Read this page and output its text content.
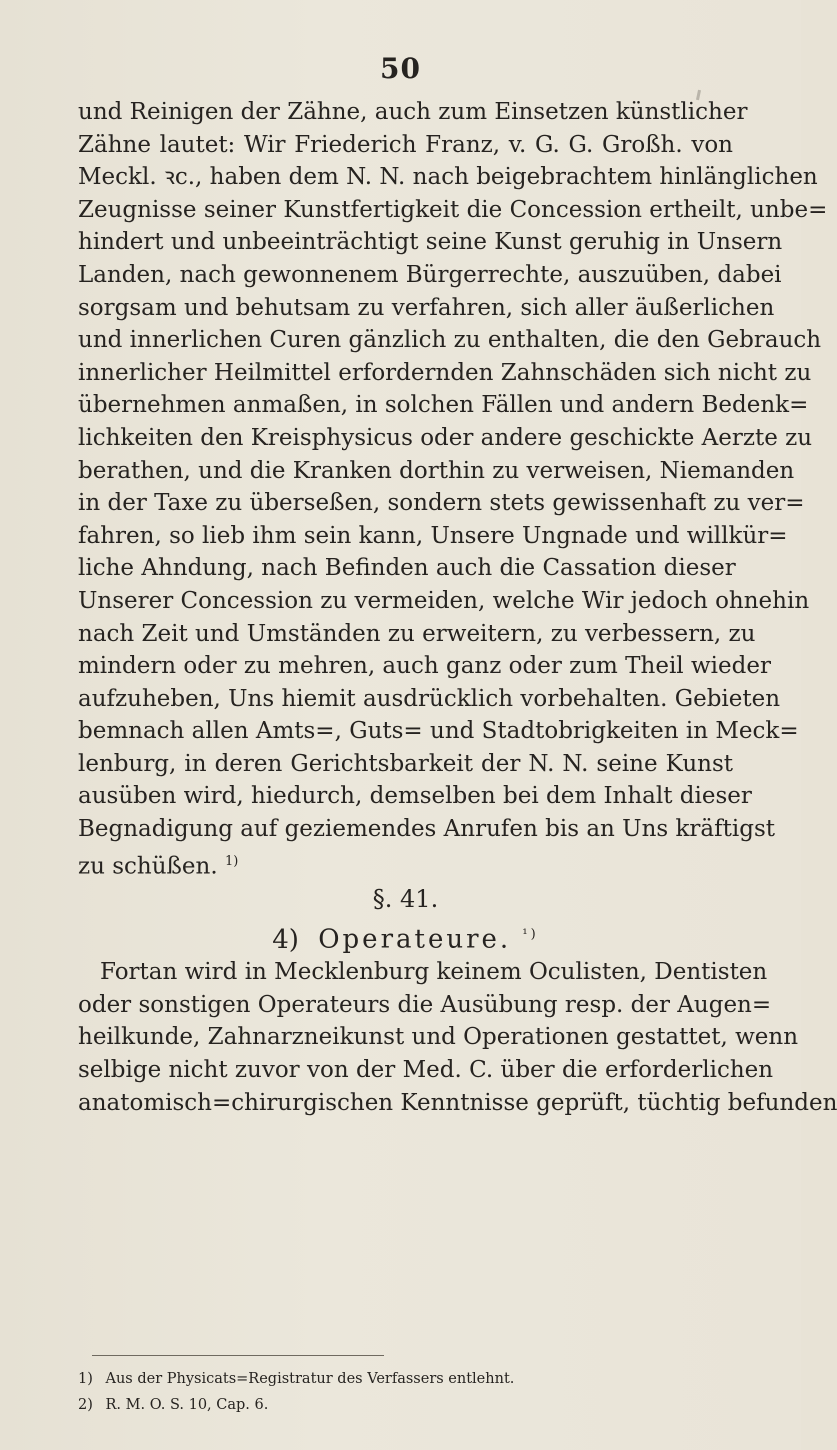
50
und Reinigen der Zähne, auch zum Einsetzen künstlicher
Zähne lautet: Wir Friederich Franz, v. G. G. Großh. von
Meckl. ꝛc., haben dem N. N. nach beigebrachtem hinlänglichen
Zeugnisse seiner Kunstfertigkeit die Concession ertheilt, unbe=
hindert und unbeeinträchtigt seine Kunst geruhig in Unsern
Landen, nach gewonnenem Bürgerrechte, auszuüben, dabei
sorgsam und behutsam zu verfahren, sich aller äußerlichen
und innerlichen Curen gänzlich zu enthalten, die den Gebrauch
innerlicher Heilmittel erfordernden Zahnschäden sich nicht zu
übernehmen anmaßen, in solchen Fällen und andern Bedenk=
lichkeiten den Kreisphysicus oder andere geschickte Aerzte zu
berathen, und die Kranken dorthin zu verweisen, Niemanden
in der Taxe zu überseßen, sondern stets gewissenhaft zu ver=
fahren, so lieb ihm sein kann, Unsere Ungnade und willkür=
liche Ahndung, nach Befinden auch die Cassation dieser
Unserer Concession zu vermeiden, welche Wir jedoch ohnehin
nach Zeit und Umständen zu erweitern, zu verbessern, zu
mindern oder zu mehren, auch ganz oder zum Theil wieder
aufzuheben, Uns hiemit ausdrücklich vorbehalten. Gebieten
bemnach allen Amts=, Guts= und Stadtobrigkeiten in Meck=
lenburg, in deren Gerichtsbarkeit der N. N. seine Kunst
ausüben wird, hiedurch, demselben bei dem Inhalt dieser
Begnadigung auf geziemendes Anrufen bis an Uns kräftigst
zu schüßen. $^{1)}$
§. 41.
4) Operateure. $^{^1)}$
Fortan wird in Mecklenburg keinem Oculisten, Dentisten
oder sonstigen Operateurs die Ausübung resp. der Augen=
heilkunde, Zahnarzneikunst und Operationen gestattet, wenn
selbige nicht zuvor von der Med. C. über die erforderlichen
anatomisch=chirurgischen Kenntnisse geprüft, tüchtig befunden
1) Aus der Physicats=Registratur des Verfassers entlehnt.
2) R. M. O. S. 10, Cap. 6.
